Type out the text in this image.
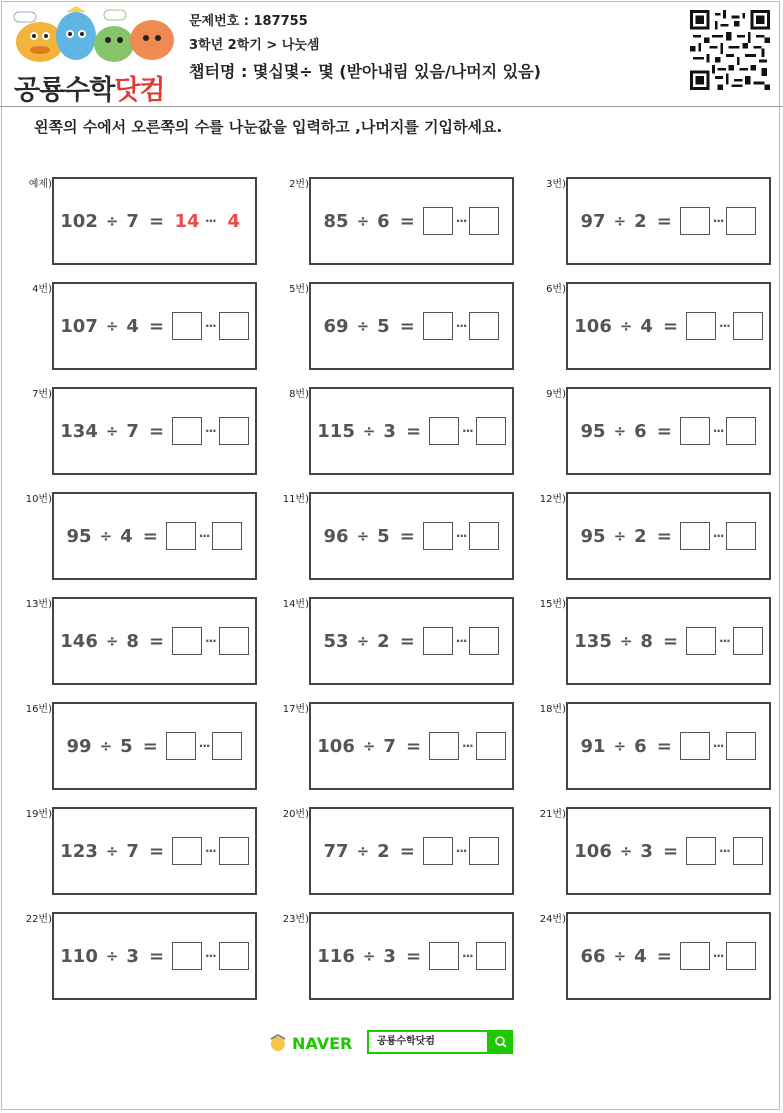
공룡수학닷컴
문제번호 : 187755
3학년 2학기 > 나눗셈
챕터명 : 몇십몇÷ 몇 (받아내림 있음/나머지 있음)
왼쪽의 수에서 오른쪽의 수를 나눈값을 입력하고 ,나머지를 기입하세요.
예제)
102 ÷ 7 = 14 ··· 4
2번)
85 ÷ 6 =	···
3번)
97 ÷ 2 =	···
4번)
107 ÷ 4 =	···
5번)
69 ÷ 5 =	···
6번)
106 ÷ 4 =	···
7번)
134 ÷ 7 =	···
8번)
115 ÷ 3 =	···
9번)
95 ÷ 6 =	···
10번)
95 ÷ 4 =	···
11번)
96 ÷ 5 =	···
12번)
95 ÷ 2 =	···
13번)
146 ÷ 8 =	···
14번)
53 ÷ 2 =	···
15번)
135 ÷ 8 =	···
16번)
99 ÷ 5 =	···
17번)
106 ÷ 7 =	···
18번)
91 ÷ 6 =	···
19번)
123 ÷ 7 =	···
20번)
77 ÷ 2 =	···
21번)
106 ÷ 3 =	···
22번)
110 ÷ 3 =	···
23번)
116 ÷ 3 =	···
24번)
66 ÷ 4 =	···
NAVER	공룡수학닷컴
